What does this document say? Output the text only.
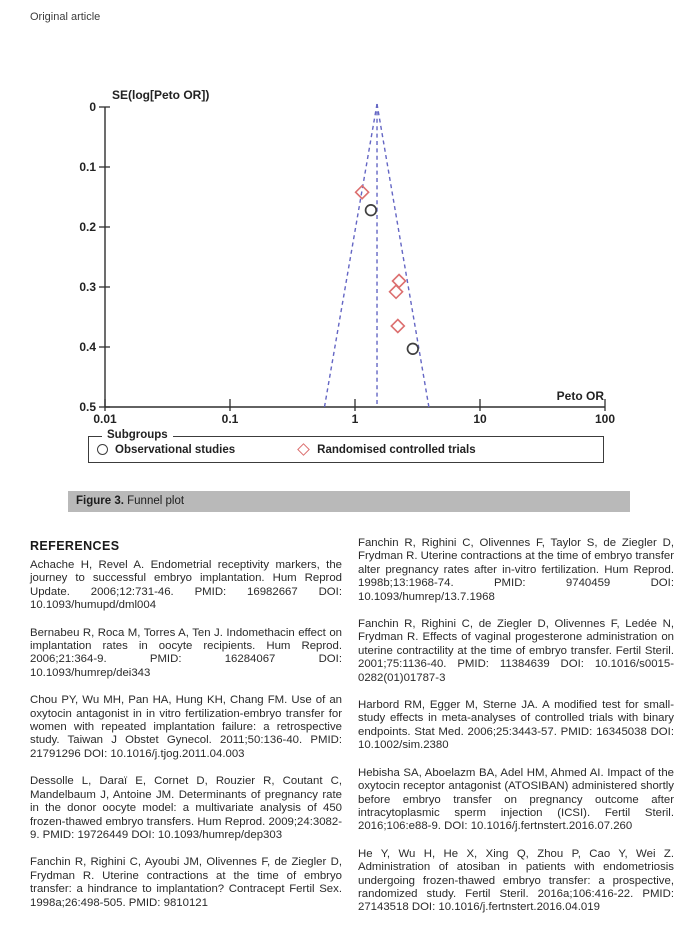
Original article
0
0.1
0.2
0.3
0.4
0.5
0.01	0.1	1	10	100
SE(log[Peto OR])
Peto OR
Subgroups
Observational studies	Randomised controlled trials
Figure 3. Funnel plot
REFERENCES

Achache H, Revel A. Endometrial receptivity markers, the journey to successful embryo implantation. Hum Reprod Update. 2006;12:731-46. PMID: 16982667 DOI: 10.1093/humupd/dml004

Bernabeu R, Roca M, Torres A, Ten J. Indomethacin effect on implantation rates in oocyte recipients. Hum Reprod. 2006;21:364-9. PMID: 16284067 DOI: 10.1093/humrep/dei343

Chou PY, Wu MH, Pan HA, Hung KH, Chang FM. Use of an oxytocin antagonist in in vitro fertilization-embryo transfer for women with repeated implantation failure: a retrospective study. Taiwan J Obstet Gynecol. 2011;50:136-40. PMID: 21791296 DOI: 10.1016/j.tjog.2011.04.003

Dessolle L, Daraï E, Cornet D, Rouzier R, Coutant C, Mandelbaum J, Antoine JM. Determinants of pregnancy rate in the donor oocyte model: a multivariate analysis of 450 frozen-thawed embryo transfers. Hum Reprod. 2009;24:3082-9. PMID: 19726449 DOI: 10.1093/humrep/dep303

Fanchin R, Righini C, Ayoubi JM, Olivennes F, de Ziegler D, Frydman R. Uterine contractions at the time of embryo transfer: a hindrance to implantation? Contracept Fertil Sex. 1998a;26:498-505. PMID: 9810121

Fanchin R, Righini C, Olivennes F, Taylor S, de Ziegler D, Frydman R. Uterine contractions at the time of embryo transfer alter pregnancy rates after in-vitro fertilization. Hum Reprod. 1998b;13:1968-74. PMID: 9740459 DOI: 10.1093/humrep/13.7.1968

Fanchin R, Righini C, de Ziegler D, Olivennes F, Ledée N, Frydman R. Effects of vaginal progesterone administration on uterine contractility at the time of embryo transfer. Fertil Steril. 2001;75:1136-40. PMID: 11384639 DOI: 10.1016/s0015-0282(01)01787-3

Harbord RM, Egger M, Sterne JA. A modified test for small-study effects in meta-analyses of controlled trials with binary endpoints. Stat Med. 2006;25:3443-57. PMID: 16345038 DOI: 10.1002/sim.2380

Hebisha SA, Aboelazm BA, Adel HM, Ahmed AI. Impact of the oxytocin receptor antagonist (ATOSIBAN) administered shortly before embryo transfer on pregnancy outcome after intracytoplasmic sperm injection (ICSI). Fertil Steril. 2016;106:e88-9. DOI: 10.1016/j.fertnstert.2016.07.260

He Y, Wu H, He X, Xing Q, Zhou P, Cao Y, Wei Z. Administration of atosiban in patients with endometriosis undergoing frozen-thawed embryo transfer: a prospective, randomized study. Fertil Steril. 2016a;106:416-22. PMID: 27143518 DOI: 10.1016/j.fertnstert.2016.04.019
